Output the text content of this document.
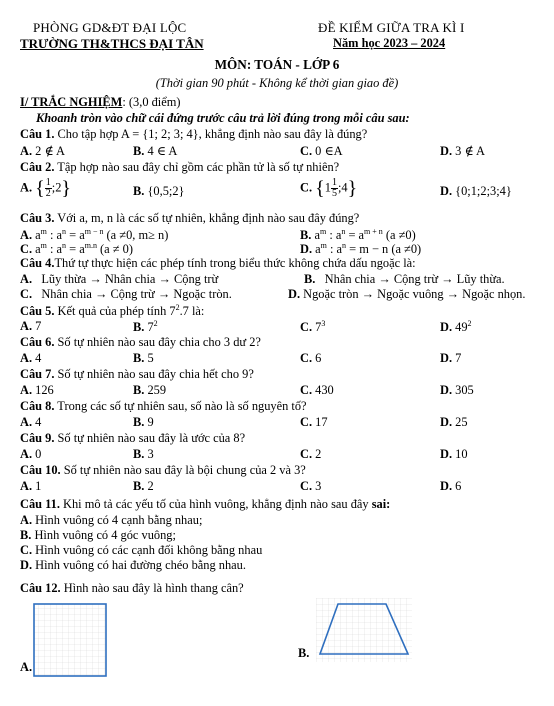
PHÒNG GD&ĐT ĐẠI LỘC
TRƯỜNG TH&THCS ĐẠI TÂN
ĐỀ KIỂM GIỮA TRA KÌ I
Năm học 2023 – 2024
MÔN: TOÁN - LỚP 6
(Thời gian 90 phút - Không kể thời gian giao đề)
I/ TRẮC NGHIỆM: (3,0 điểm)
Khoanh tròn vào chữ cái đứng trước câu trả lời đúng trong mỗi câu sau:
Câu 1. Cho tập hợp A = {1; 2; 3; 4}, khẳng định nào sau đây là đúng?
A. 2 ∉ A	B. 4 ∈ A	C. 0 ∈A	D. 3 ∉ A
Câu 2. Tập hợp nào sau đây chỉ gồm các phần tử là số tự nhiên?
A. { $\frac{1}{2}$ ;2}	B. {0,5;2}	C. {$1 \frac{1}{5}$ ;4}	D. {0;1;2;3;4}
Câu 3. Với a, m, n là các số tự nhiên, khẳng định nào sau đây đúng?
A. $a^m$ : $a^n = a^{m - n}$ (a ≠0, m≥ n)	B. $a^m$ : $a^n = a^{m + n}$ (a ≠0)
C. $a^m$ : $a^n = a^{m.n}$ (a ≠ 0)	D. $a^m$ : $a^n = m - n$ (a ≠0)
Câu 4.Thứ tự thực hiện các phép tính trong biểu thức không chứa dấu ngoặc là:
A. Lũy thừa → Nhân chia → Cộng trừ	B. Nhân chia → Cộng trừ → Lũy thừa.
C. Nhân chia → Cộng trừ → Ngoặc tròn.	D. Ngoặc tròn → Ngoặc vuông → Ngoặc nhọn.
Câu 5. Kết quả của phép tính $7^2.7$ là:
A. 7	B. $7^2$	C. $7^3$	D. $49^2$
Câu 6. Số tự nhiên nào sau đây chia cho 3 dư 2?
A. 4	B. 5	C. 6	D. 7
Câu 7. Số tự nhiên nào sau đây chia hết cho 9?
A. 126	B. 259	C. 430	D. 305
Câu 8. Trong các số tự nhiên sau, số nào là số nguyên tố?
A. 4	B. 9	C. 17	D. 25
Câu 9. Số tự nhiên nào sau đây là ước của 8?
A. 0	B. 3	C. 2	D. 10
Câu 10. Số tự nhiên nào sau đây là bội chung của 2 và 3?
A. 1	B. 2	C. 3	D. 6
Câu 11. Khi mô tả các yếu tố của hình vuông, khẳng định nào sau đây sai:
A. Hình vuông có 4 cạnh bằng nhau;
B. Hình vuông có 4 góc vuông;
C. Hình vuông có các cạnh đối không bằng nhau
D. Hình vuông có hai đường chéo bằng nhau.
Câu 12. Hình nào sau đây là hình thang cân?
A.
B.
